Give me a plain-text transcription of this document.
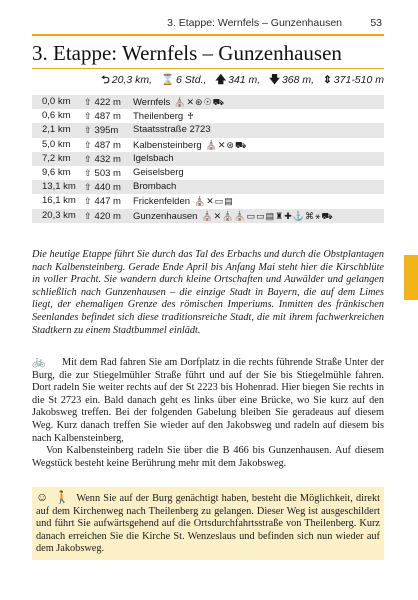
3. Etappe: Wernfels – Gunzenhausen	53
3. Etappe: Wernfels – Gunzenhausen
⮌ 20,3 km, ⌛ 6 Std., 🡅 341 m, 🡇 368 m, ⇕ 371-510 m
0,0 km ⇧ 422 m Wernfels ⛪✕⊛☉⛟
0,6 km ⇧ 487 m Theilenberg ♰
2,1 km ⇧ 395m Staatsstraße 2723
5,0 km ⇧ 487 m Kalbensteinberg ⛪✕⊛⛟
7,2 km ⇧ 432 m Igelsbach
9,6 km ⇧ 503 m Geiselsberg
13,1 km ⇧ 440 m Brombach
16,1 km ⇧ 447 m Frickenfelden ⛪✕▭▤
20,3 km ⇧ 420 m Gunzenhausen ⛪✕⛪⛪▭▭▤♜✚⚓⌘⚹⛟

Die heutige Etappe führt Sie durch das Tal des Erbachs und durch die Obstplantagen nach Kalbensteinberg. Gerade Ende April bis Anfang Mai steht hier die Kirschblüte in voller Pracht. Sie wandern durch kleine Ortschaften und Auwälder und gelangen schließlich nach Gunzenhausen – die einzige Stadt in Bayern, die auf dem Limes liegt, der ehemaligen Grenze des römischen Imperiums. Inmitten des fränkischen Seenlandes befindet sich diese traditionsreiche Stadt, die mit ihrem fachwerkreichen Stadtkern zu einem Stadtbummel einlädt.

🚲 Mit dem Rad fahren Sie am Dorfplatz in die rechts führende Straße Unter der Burg, die zur Stiegelmühler Straße führt und auf der Sie bis Stiegelmühle fahren. Dort radeln Sie weiter rechts auf der St 2223 bis Hohenrad. Hier biegen Sie rechts in die St 2723 ein. Bald danach geht es links über eine Brücke, wo Sie kurz auf den Jakobsweg treffen. Bei der folgenden Gabelung bleiben Sie geradeaus auf diesem Weg. Kurz danach treffen Sie wieder auf den Jakobsweg und radeln auf diesem bis nach Kalbensteinberg,

Von Kalbensteinberg radeln Sie über die B 466 bis Gunzenhausen. Auf diesem Wegstück besteht keine Berührung mehr mit dem Jakobsweg.

☺ 🚶 Wenn Sie auf der Burg genächtigt haben, besteht die Möglichkeit, direkt auf dem Kirchenweg nach Theilenberg zu gelangen. Dieser Weg ist ausgeschildert und führt Sie aufwärtsgehend auf die Ortsdurchfahrtsstraße von Theilenberg. Kurz danach erreichen Sie die Kirche St. Wenzeslaus und befinden sich nun wieder auf dem Jakobsweg.
